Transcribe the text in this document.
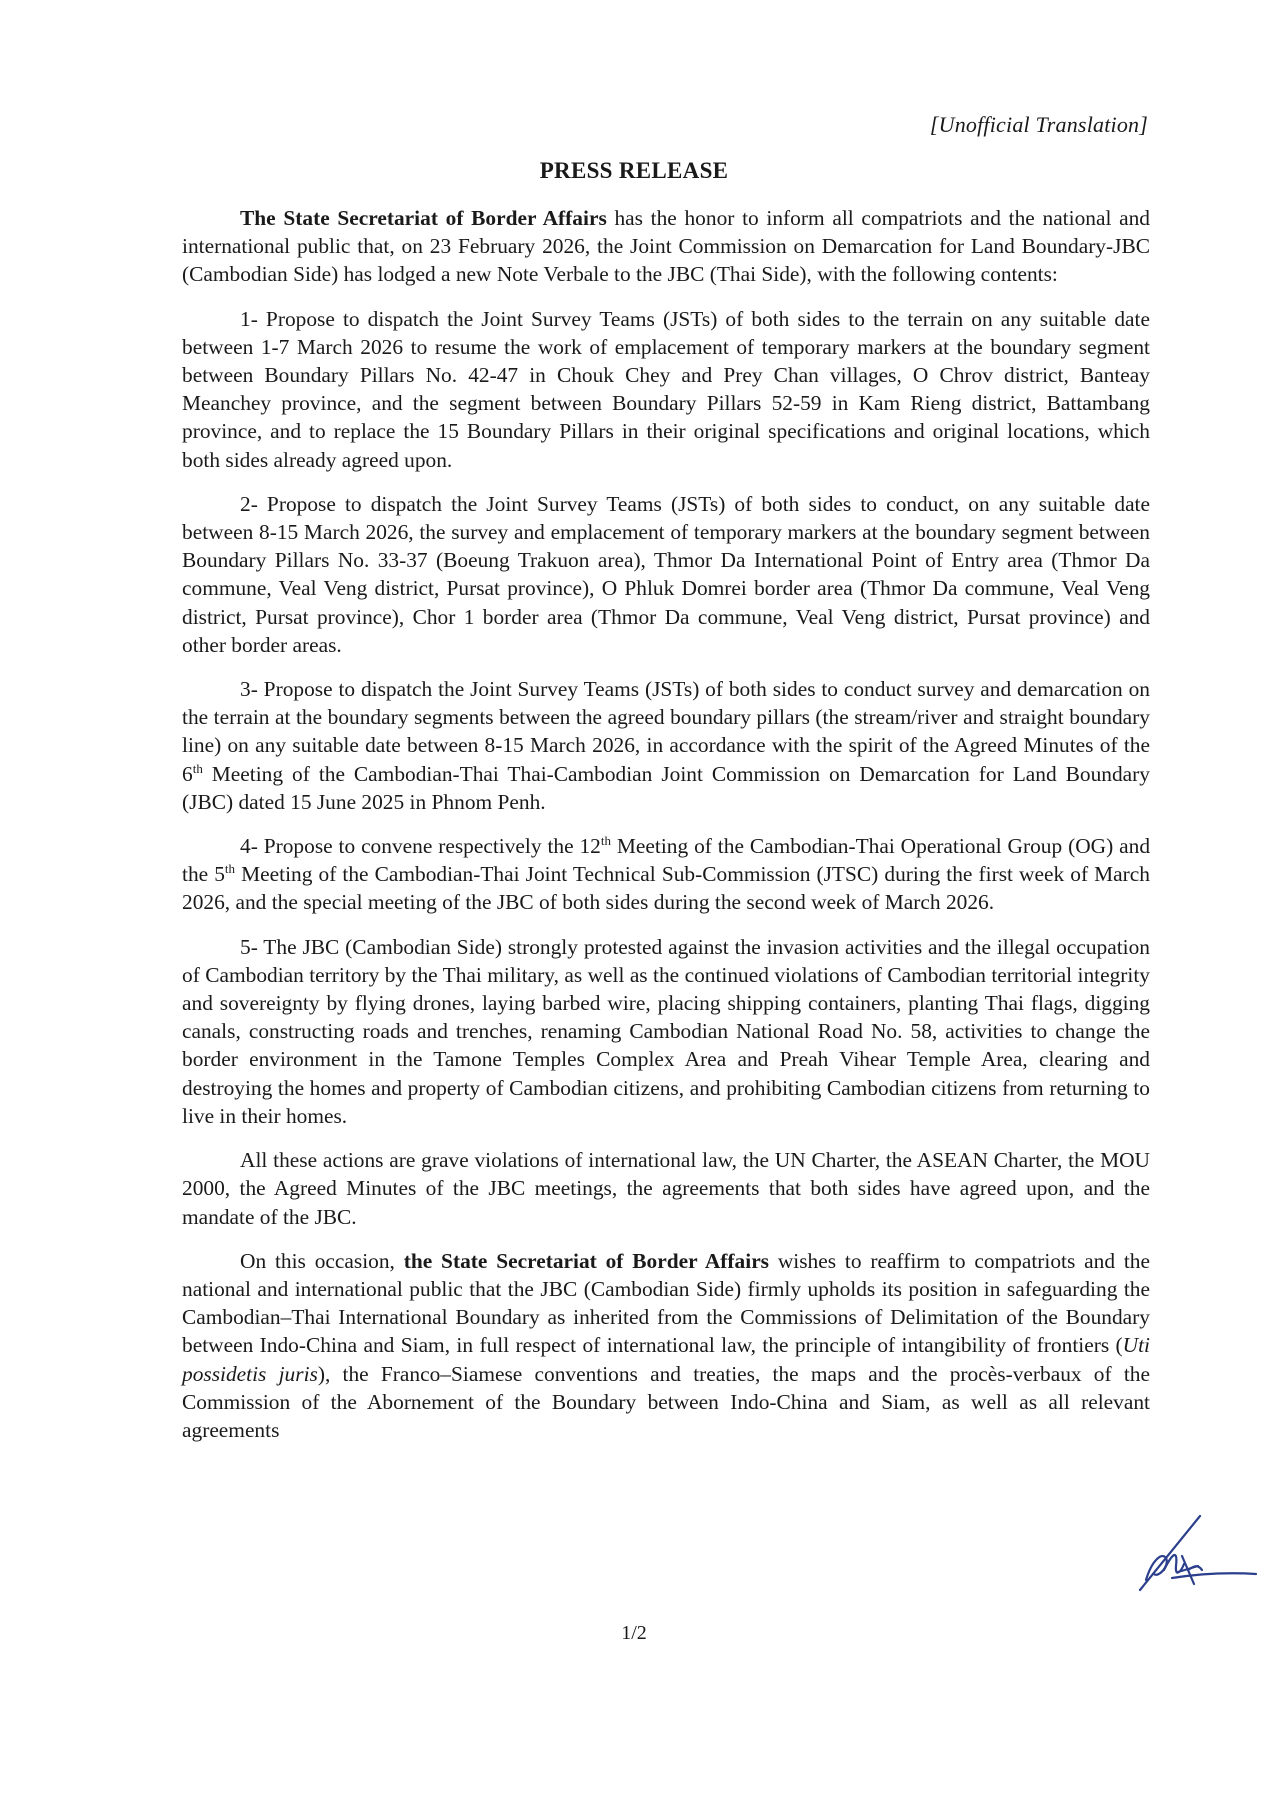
[Unofficial Translation]
PRESS RELEASE

The State Secretariat of Border Affairs has the honor to inform all compatriots and the national and international public that, on 23 February 2026, the Joint Commission on Demarcation for Land Boundary-JBC (Cambodian Side) has lodged a new Note Verbale to the JBC (Thai Side), with the following contents:

1- Propose to dispatch the Joint Survey Teams (JSTs) of both sides to the terrain on any suitable date between 1-7 March 2026 to resume the work of emplacement of temporary markers at the boundary segment between Boundary Pillars No. 42-47 in Chouk Chey and Prey Chan villages, O Chrov district, Banteay Meanchey province, and the segment between Boundary Pillars 52-59 in Kam Rieng district, Battambang province, and to replace the 15 Boundary Pillars in their original specifications and original locations, which both sides already agreed upon.

2- Propose to dispatch the Joint Survey Teams (JSTs) of both sides to conduct, on any suitable date between 8-15 March 2026, the survey and emplacement of temporary markers at the boundary segment between Boundary Pillars No. 33-37 (Boeung Trakuon area), Thmor Da International Point of Entry area (Thmor Da commune, Veal Veng district, Pursat province), O Phluk Domrei border area (Thmor Da commune, Veal Veng district, Pursat province), Chor 1 border area (Thmor Da commune, Veal Veng district, Pursat province) and other border areas.

3- Propose to dispatch the Joint Survey Teams (JSTs) of both sides to conduct survey and demarcation on the terrain at the boundary segments between the agreed boundary pillars (the stream/river and straight boundary line) on any suitable date between 8-15 March 2026, in accordance with the spirit of the Agreed Minutes of the 6th Meeting of the Cambodian-Thai Thai-Cambodian Joint Commission on Demarcation for Land Boundary (JBC) dated 15 June 2025 in Phnom Penh.

4- Propose to convene respectively the 12th Meeting of the Cambodian-Thai Operational Group (OG) and the 5th Meeting of the Cambodian-Thai Joint Technical Sub-Commission (JTSC) during the first week of March 2026, and the special meeting of the JBC of both sides during the second week of March 2026.

5- The JBC (Cambodian Side) strongly protested against the invasion activities and the illegal occupation of Cambodian territory by the Thai military, as well as the continued violations of Cambodian territorial integrity and sovereignty by flying drones, laying barbed wire, placing shipping containers, planting Thai flags, digging canals, constructing roads and trenches, renaming Cambodian National Road No. 58, activities to change the border environment in the Tamone Temples Complex Area and Preah Vihear Temple Area, clearing and destroying the homes and property of Cambodian citizens, and prohibiting Cambodian citizens from returning to live in their homes.

All these actions are grave violations of international law, the UN Charter, the ASEAN Charter, the MOU 2000, the Agreed Minutes of the JBC meetings, the agreements that both sides have agreed upon, and the mandate of the JBC.

On this occasion, the State Secretariat of Border Affairs wishes to reaffirm to compatriots and the national and international public that the JBC (Cambodian Side) firmly upholds its position in safeguarding the Cambodian–Thai International Boundary as inherited from the Commissions of Delimitation of the Boundary between Indo-China and Siam, in full respect of international law, the principle of intangibility of frontiers (Uti possidetis juris), the Franco–Siamese conventions and treaties, the maps and the procès-verbaux of the Commission of the Abornement of the Boundary between Indo-China and Siam, as well as all relevant agreements

1/2
